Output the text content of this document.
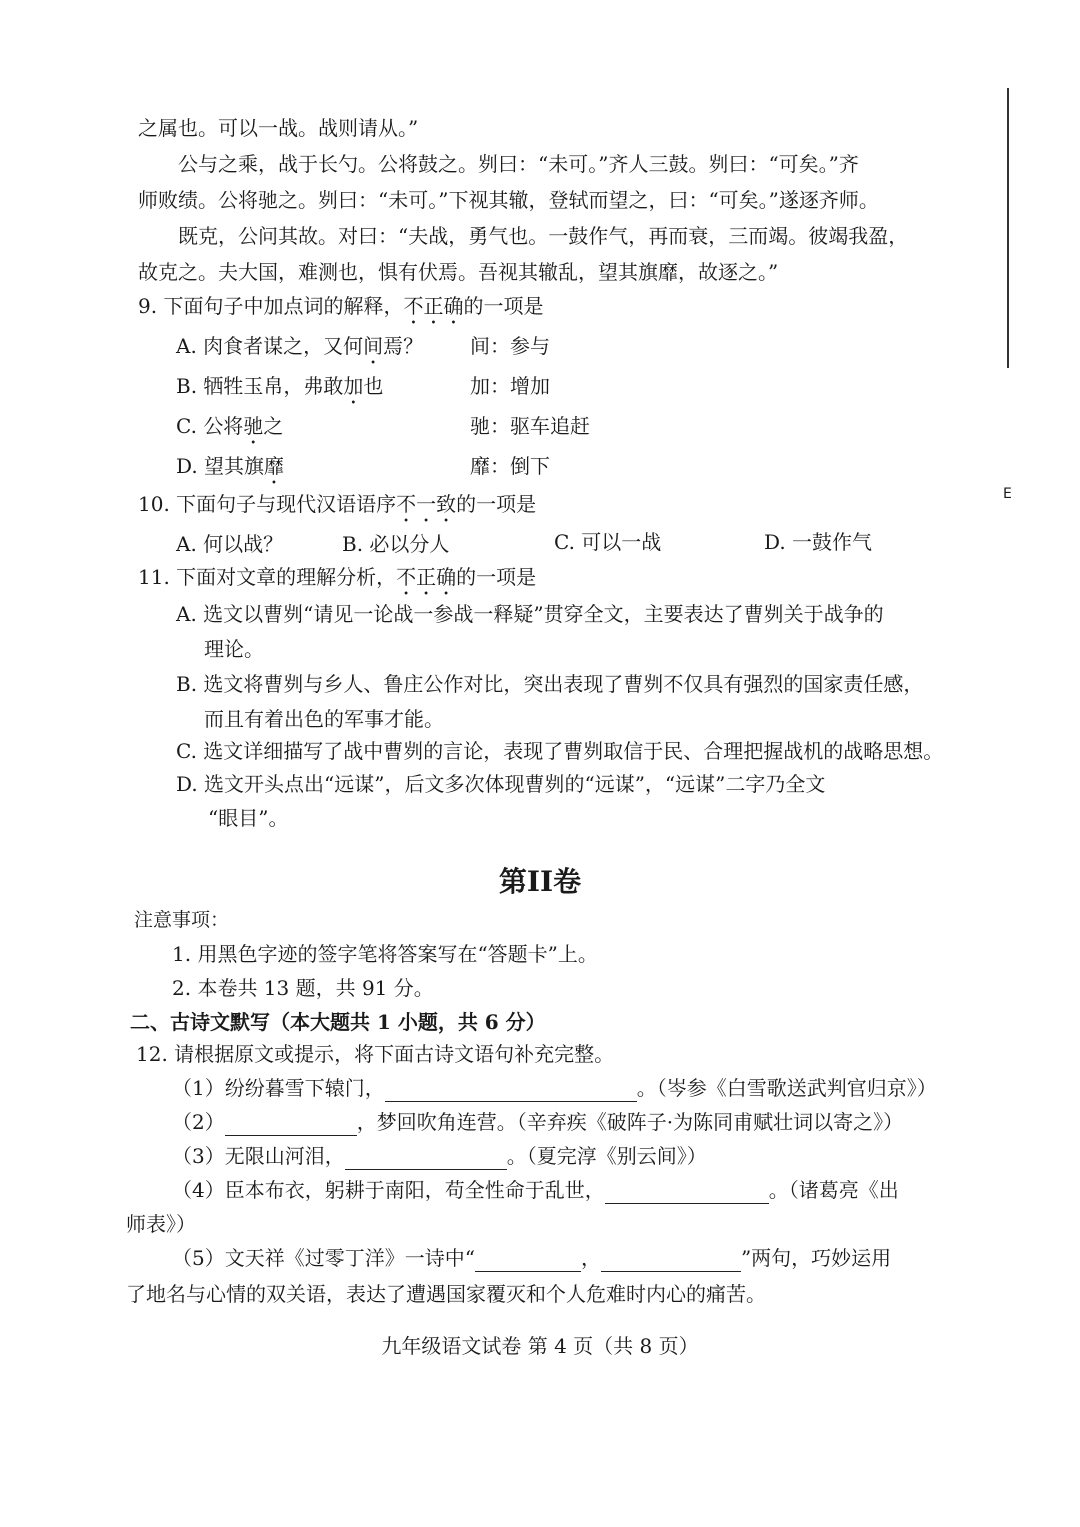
E
之属也。可以一战。战则请从。”
公与之乘，战于长勺。公将鼓之。刿曰：“未可。”齐人三鼓。刿曰：“可矣。”齐
师败绩。公将驰之。刿曰：“未可。”下视其辙，登轼而望之，曰：“可矣。”遂逐齐师。
既克，公问其故。对曰：“夫战，勇气也。一鼓作气，再而衰，三而竭。彼竭我盈，
故克之。夫大国，难测也，惧有伏焉。吾视其辙乱，望其旗靡，故逐之。”
9. 下面句子中加点词的解释，不正确的一项是
A. 肉食者谋之，又何间焉？ 间：参与
B. 牺牲玉帛，弗敢加也	加：增加
C. 公将驰之	驰：驱车追赶
D. 望其旗靡	靡：倒下
10. 下面句子与现代汉语语序不一致的一项是
A. 何以战？	B. 必以分人	C. 可以一战	D. 一鼓作气
11. 下面对文章的理解分析，不正确的一项是
A. 选文以曹刿“请见一论战一参战一释疑”贯穿全文，主要表达了曹刿关于战争的
理论。
B. 选文将曹刿与乡人、鲁庄公作对比，突出表现了曹刿不仅具有强烈的国家责任感，
而且有着出色的军事才能。
C. 选文详细描写了战中曹刿的言论，表现了曹刿取信于民、合理把握战机的战略思想。
D. 选文开头点出“远谋”，后文多次体现曹刿的“远谋”，“远谋”二字乃全文
“眼目”。
第II卷
注意事项：
1. 用黑色字迹的签字笔将答案写在“答题卡”上。
2. 本卷共 13 题，共 91 分。
二、古诗文默写（本大题共 1 小题，共 6 分）
12. 请根据原文或提示，将下面古诗文语句补充完整。
（1）纷纷暮雪下辕门，	。（岑参《白雪歌送武判官归京》）
（2）	，梦回吹角连营。（辛弃疾《破阵子·为陈同甫赋壮词以寄之》）
（3）无限山河泪，	。（夏完淳《别云间》）
（4）臣本布衣，躬耕于南阳，苟全性命于乱世，	。（诸葛亮《出
师表》）
（5）文天祥《过零丁洋》一诗中“	，	”两句，巧妙运用
了地名与心情的双关语，表达了遭遇国家覆灭和个人危难时内心的痛苦。
九年级语文试卷 第 4 页（共 8 页）
